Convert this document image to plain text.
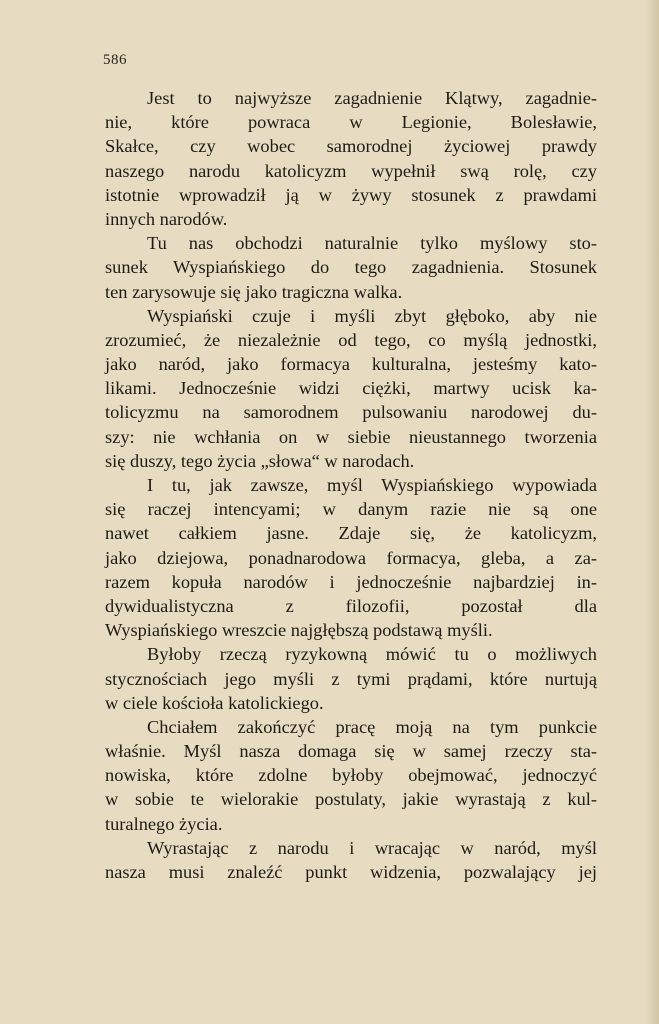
586
Jest to najwyższe zagadnienie Klątwy, zagadnie-
nie, które powraca w Legionie, Bolesławie,
Skałce, czy wobec samorodnej życiowej prawdy
naszego narodu katolicyzm wypełnił swą rolę, czy
istotnie wprowadził ją w żywy stosunek z prawdami
innych narodów.
Tu nas obchodzi naturalnie tylko myślowy sto-
sunek Wyspiańskiego do tego zagadnienia. Stosunek
ten zarysowuje się jako tragiczna walka.
Wyspiański czuje i myśli zbyt głęboko, aby nie
zrozumieć, że niezależnie od tego, co myślą jednostki,
jako naród, jako formacya kulturalna, jesteśmy kato-
likami. Jednocześnie widzi ciężki, martwy ucisk ka-
tolicyzmu na samorodnem pulsowaniu narodowej du-
szy: nie wchłania on w siebie nieustannego tworzenia
się duszy, tego życia „słowa“ w narodach.
I tu, jak zawsze, myśl Wyspiańskiego wypowiada
się raczej intencyami; w danym razie nie są one
nawet całkiem jasne. Zdaje się, że katolicyzm,
jako dziejowa, ponadnarodowa formacya, gleba, a za-
razem kopuła narodów i jednocześnie najbardziej in-
dywidualistyczna z filozofii, pozostał dla
Wyspiańskiego wreszcie najgłębszą podstawą myśli.
Byłoby rzeczą ryzykowną mówić tu o możliwych
stycznościach jego myśli z tymi prądami, które nurtują
w ciele kościoła katolickiego.
Chciałem zakończyć pracę moją na tym punkcie
właśnie. Myśl nasza domaga się w samej rzeczy sta-
nowiska, które zdolne byłoby obejmować, jednoczyć
w sobie te wielorakie postulaty, jakie wyrastają z kul-
turalnego życia.
Wyrastając z narodu i wracając w naród, myśl
nasza musi znaleźć punkt widzenia, pozwalający jej
